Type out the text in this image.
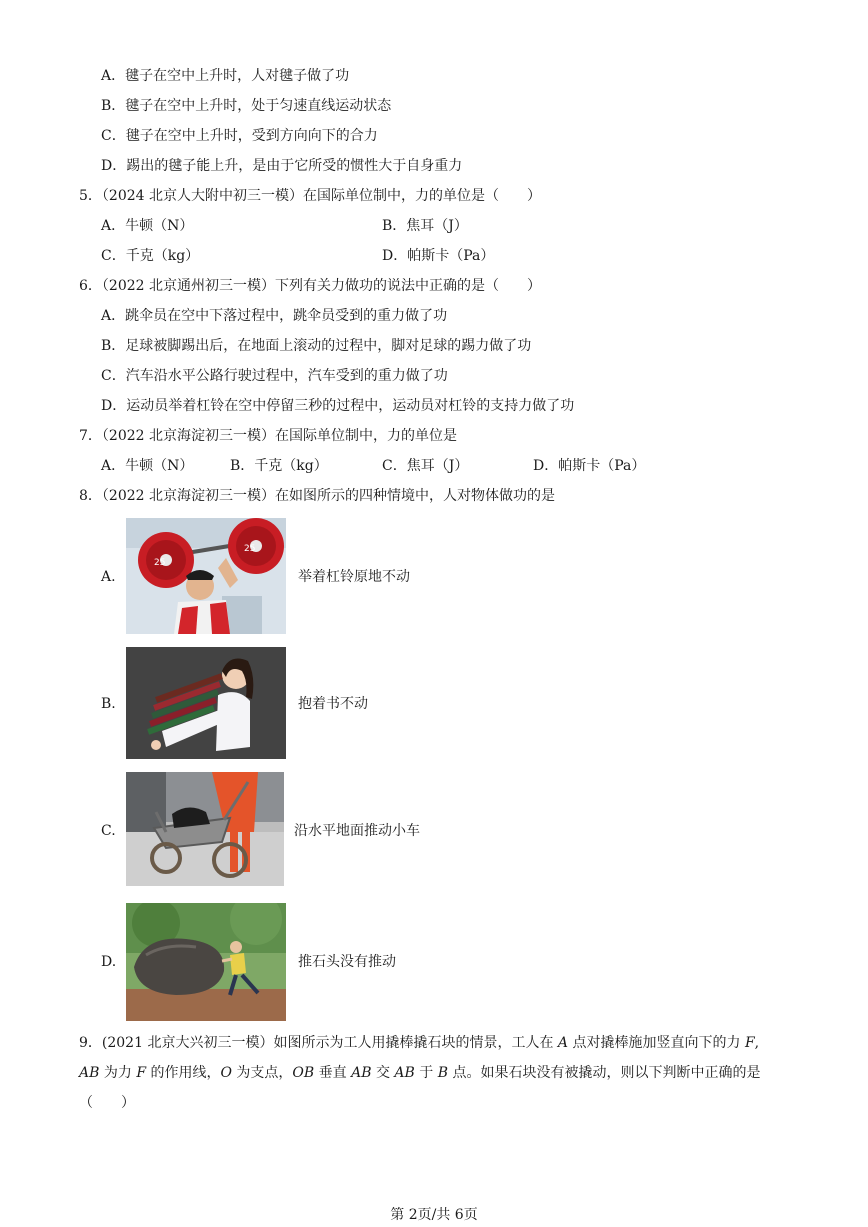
A．毽子在空中上升时，人对毽子做了功
B．毽子在空中上升时，处于匀速直线运动状态
C．毽子在空中上升时，受到方向向下的合力
D．踢出的毽子能上升，是由于它所受的惯性大于自身重力
5．（2024 北京人大附中初三一模）在国际单位制中，力的单位是（　　）
A．牛顿（N）	B．焦耳（J）
C．千克（kg）	D．帕斯卡（Pa）
6．（2022 北京通州初三一模）下列有关力做功的说法中正确的是（　　）
A．跳伞员在空中下落过程中，跳伞员受到的重力做了功
B．足球被脚踢出后，在地面上滚动的过程中，脚对足球的踢力做了功
C．汽车沿水平公路行驶过程中，汽车受到的重力做了功
D．运动员举着杠铃在空中停留三秒的过程中，运动员对杠铃的支持力做了功
7．（2022 北京海淀初三一模）在国际单位制中，力的单位是
A．牛顿（N）	B．千克（kg）	C．焦耳（J）	D．帕斯卡（Pa）
8．（2022 北京海淀初三一模）在如图所示的四种情境中，人对物体做功的是
A.
25
25
举着杠铃原地不动
B.	抱着书不动
C.	沿水平地面推动小车
D.	推石头没有推动
9．(2021 北京大兴初三一模）如图所示为工人用撬棒撬石块的情景，工人在 A 点对撬棒施加竖直向下的力 F,
AB 为力 F 的作用线，O 为支点，OB 垂直 AB 交 AB 于 B 点。如果石块没有被撬动，则以下判断中正确的是
（　　）
第 2页/共 6页
